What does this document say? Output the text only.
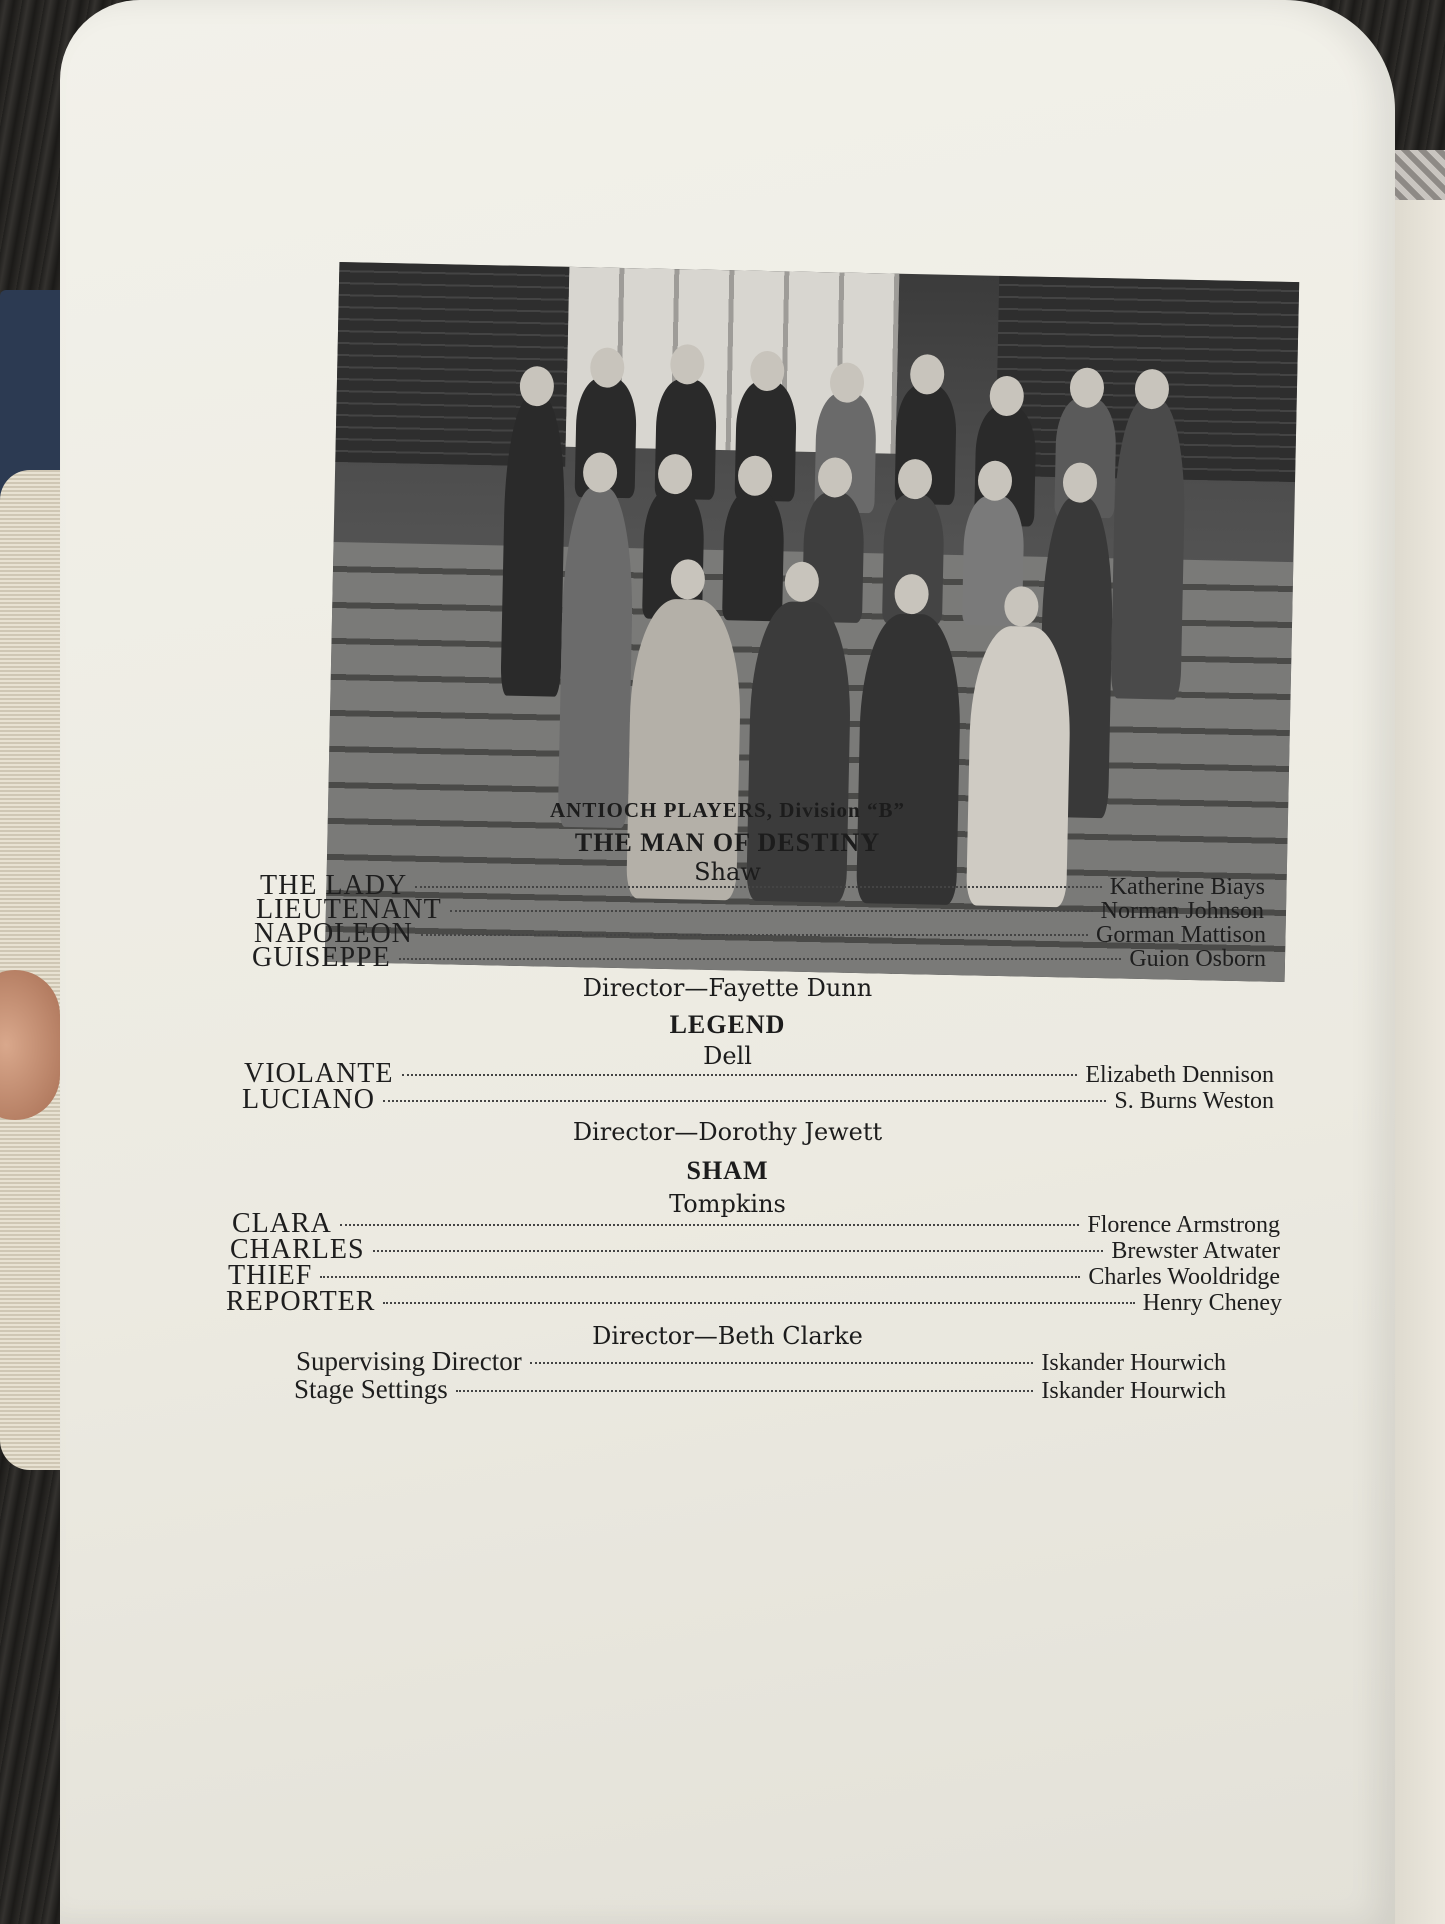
ANTIOCH PLAYERS, Division “B”
THE MAN OF DESTINY
Shaw
THE LADY	Katherine Biays
LIEUTENANT	Norman Johnson
NAPOLEON	Gorman Mattison
GUISEPPE	Guion Osborn
Director—Fayette Dunn
LEGEND
Dell
VIOLANTE	Elizabeth Dennison
LUCIANO	S. Burns Weston
Director—Dorothy Jewett
SHAM
Tompkins
CLARA	Florence Armstrong
CHARLES	Brewster Atwater
THIEF	Charles Wooldridge
REPORTER	Henry Cheney
Director—Beth Clarke
Supervising Director	Iskander Hourwich
Stage Settings	Iskander Hourwich
